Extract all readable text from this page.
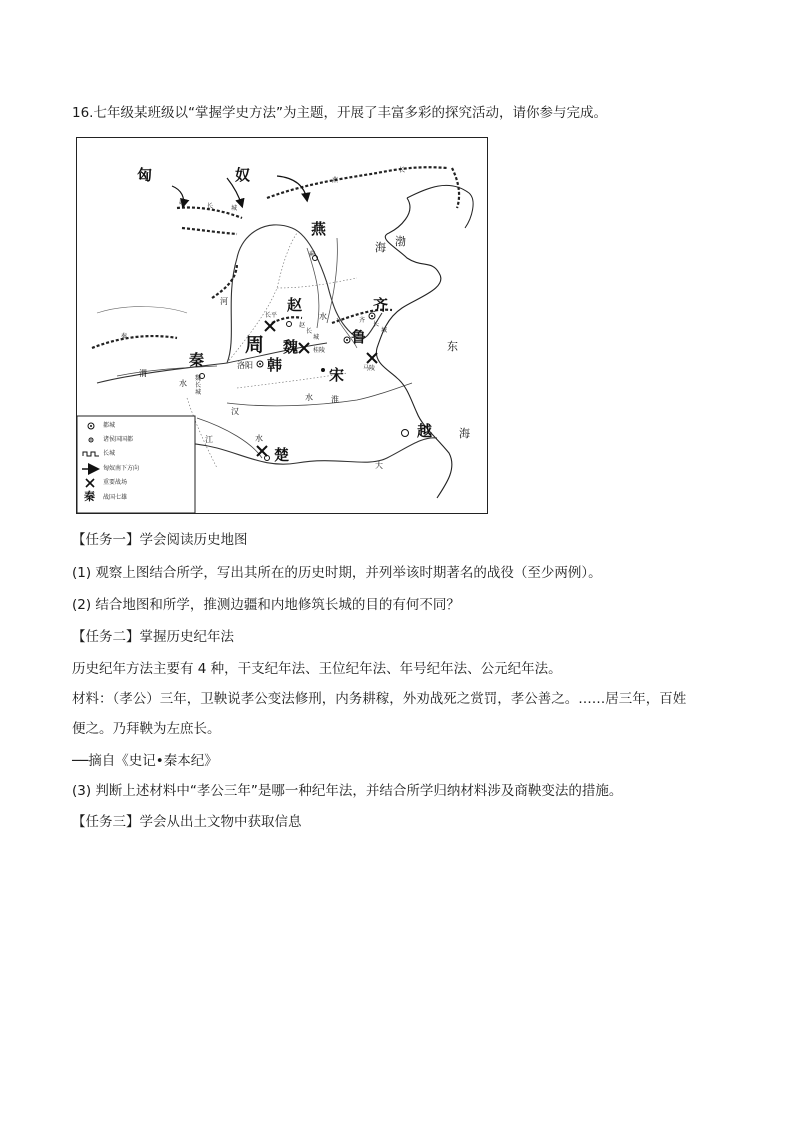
16.七年级某班级以“掌握学史方法”为主题，开展了丰富多彩的探究活动，请你参与完成。
匈	奴
燕
赵	齐
鲁
宋
魏
周
韩
秦
楚
越
洛阳	马陵
桂陵
长平
蓟
渤
海
东
海
河
水
渭
水
淮
水
汉
水
江
大
赵
长	城
秦
燕
长
魏
长
城
齐
长
城
赵
长
城
都城
诸侯国国都
长城
匈奴南下方向
重要战场
秦 战国七雄
【任务一】学会阅读历史地图
(1) 观察上图结合所学，写出其所在的历史时期，并列举该时期著名的战役（至少两例）。
(2) 结合地图和所学，推测边疆和内地修筑长城的目的有何不同？
【任务二】掌握历史纪年法
历史纪年方法主要有 4 种，干支纪年法、王位纪年法、年号纪年法、公元纪年法。
材料：（孝公）三年，卫鞅说孝公变法修刑，内务耕稼，外劝战死之赏罚，孝公善之。……居三年，百姓
便之。乃拜鞅为左庶长。
──摘自《史记•秦本纪》
(3) 判断上述材料中“孝公三年”是哪一种纪年法，并结合所学归纳材料涉及商鞅变法的措施。
【任务三】学会从出土文物中获取信息
